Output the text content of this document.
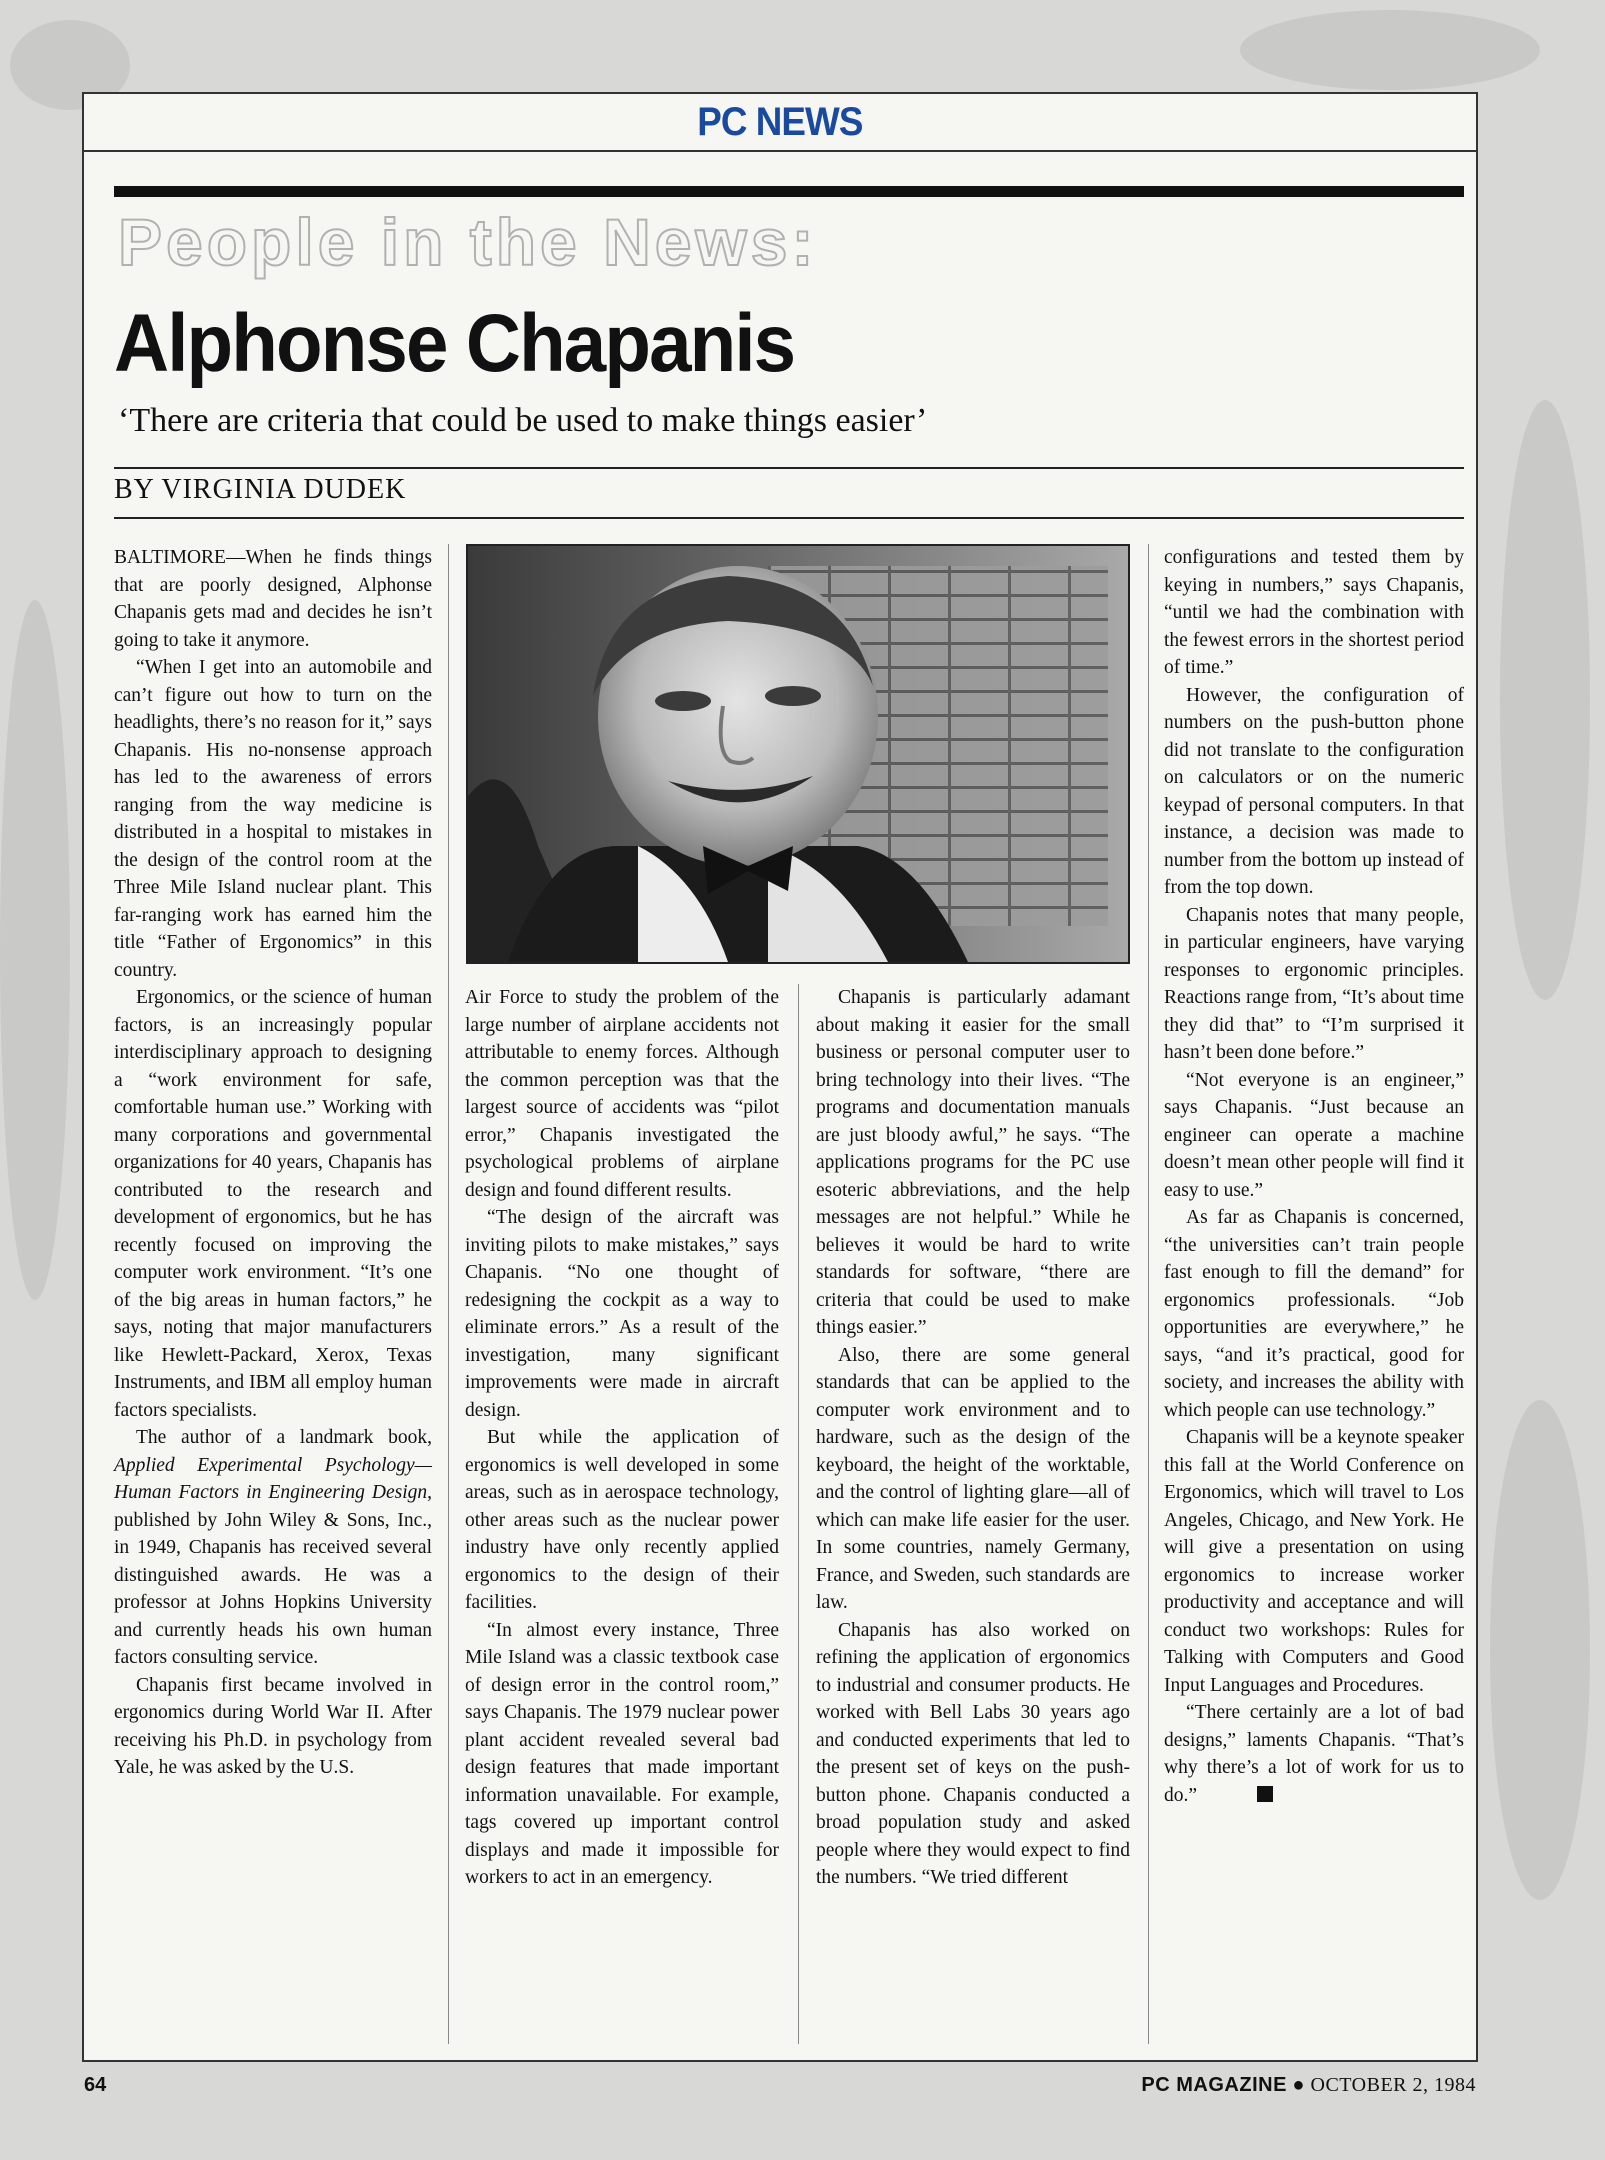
PC NEWS
People in the News:
Alphonse Chapanis
‘There are criteria that could be used to make things easier’
BY VIRGINIA DUDEK

BALTIMORE—When he finds things that are poorly designed, Alphonse Chapanis gets mad and decides he isn’t going to take it anymore.

“When I get into an automobile and can’t figure out how to turn on the headlights, there’s no reason for it,” says Chapanis. His no-nonsense approach has led to the awareness of errors ranging from the way medicine is distributed in a hospital to mistakes in the design of the control room at the Three Mile Island nuclear plant. This far-ranging work has earned him the title “Father of Ergonomics” in this country.

Ergonomics, or the science of human factors, is an increasingly popular interdisciplinary approach to designing a “work environment for safe, comfortable human use.” Working with many corporations and governmental organizations for 40 years, Chapanis has contributed to the research and development of ergonomics, but he has recently focused on improving the computer work environment. “It’s one of the big areas in human factors,” he says, noting that major manufacturers like Hewlett-Packard, Xerox, Texas Instruments, and IBM all employ human factors specialists.

The author of a landmark book, Applied Experimental Psychology—Human Factors in Engineering Design, published by John Wiley & Sons, Inc., in 1949, Chapanis has received several distinguished awards. He was a professor at Johns Hopkins University and currently heads his own human factors consulting service.

Chapanis first became involved in ergonomics during World War II. After receiving his Ph.D. in psychology from Yale, he was asked by the U.S.

Air Force to study the problem of the large number of airplane accidents not attributable to enemy forces. Although the common perception was that the largest source of accidents was “pilot error,” Chapanis investigated the psychological problems of airplane design and found different results.

“The design of the aircraft was inviting pilots to make mistakes,” says Chapanis. “No one thought of redesigning the cockpit as a way to eliminate errors.” As a result of the investigation, many significant improvements were made in aircraft design.

But while the application of ergonomics is well developed in some areas, such as in aerospace technology, other areas such as the nuclear power industry have only recently applied ergonomics to the design of their facilities.

“In almost every instance, Three Mile Island was a classic textbook case of design error in the control room,” says Chapanis. The 1979 nuclear power plant accident revealed several bad design features that made important information unavailable. For example, tags covered up important control displays and made it impossible for workers to act in an emergency.

Chapanis is particularly adamant about making it easier for the small business or personal computer user to bring technology into their lives. “The programs and documentation manuals are just bloody awful,” he says. “The applications programs for the PC use esoteric abbreviations, and the help messages are not helpful.” While he believes it would be hard to write standards for software, “there are criteria that could be used to make things easier.”

Also, there are some general standards that can be applied to the computer work environment and to hardware, such as the design of the keyboard, the height of the worktable, and the control of lighting glare—all of which can make life easier for the user. In some countries, namely Germany, France, and Sweden, such standards are law.

Chapanis has also worked on refining the application of ergonomics to industrial and consumer products. He worked with Bell Labs 30 years ago and conducted experiments that led to the present set of keys on the push-button phone. Chapanis conducted a broad population study and asked people where they would expect to find the numbers. “We tried different

configurations and tested them by keying in numbers,” says Chapanis, “until we had the combination with the fewest errors in the shortest period of time.”

However, the configuration of numbers on the push-button phone did not translate to the configuration on calculators or on the numeric keypad of personal computers. In that instance, a decision was made to number from the bottom up instead of from the top down.

Chapanis notes that many people, in particular engineers, have varying responses to ergonomic principles. Reactions range from, “It’s about time they did that” to “I’m surprised it hasn’t been done before.”

“Not everyone is an engineer,” says Chapanis. “Just because an engineer can operate a machine doesn’t mean other people will find it easy to use.”

As far as Chapanis is concerned, “the universities can’t train people fast enough to fill the demand” for ergonomics professionals. “Job opportunities are everywhere,” he says, “and it’s practical, good for society, and increases the ability with which people can use technology.”

Chapanis will be a keynote speaker this fall at the World Conference on Ergonomics, which will travel to Los Angeles, Chicago, and New York. He will give a presentation on using ergonomics to increase worker productivity and acceptance and will conduct two workshops: Rules for Talking with Computers and Good Input Languages and Procedures.

“There certainly are a lot of bad designs,” laments Chapanis. “That’s why there’s a lot of work for us to do.”

64	PC MAGAZINE ● OCTOBER 2, 1984
